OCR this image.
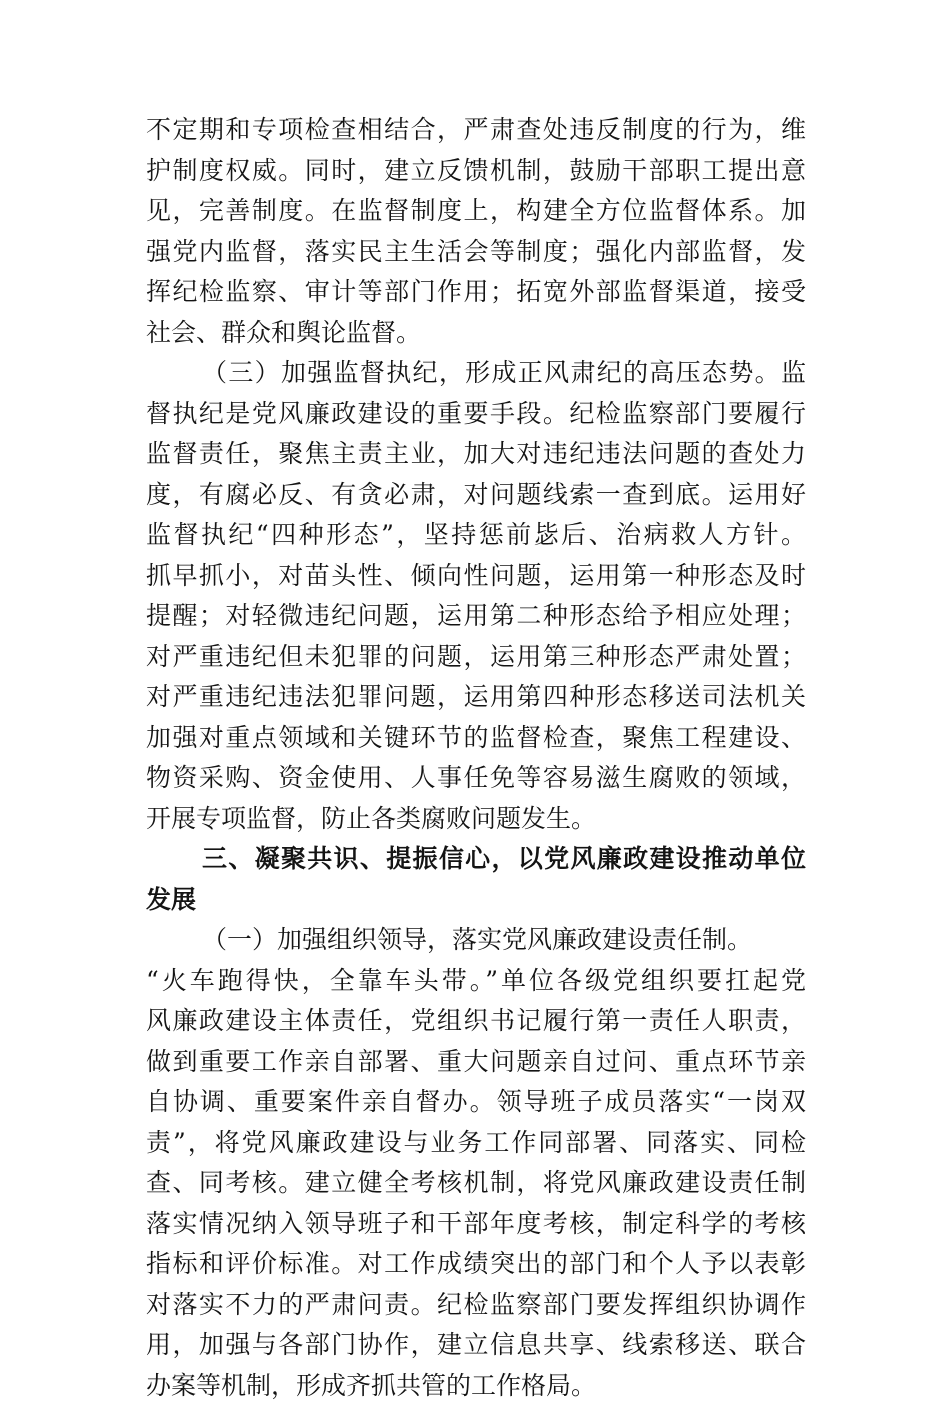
不定期和专项检查相结合，严肃查处违反制度的行为，维
护制度权威。同时，建立反馈机制，鼓励干部职工提出意
见，完善制度。在监督制度上，构建全方位监督体系。加
强党内监督，落实民主生活会等制度；强化内部监督，发
挥纪检监察、审计等部门作用；拓宽外部监督渠道，接受
社会、群众和舆论监督。
（三）加强监督执纪，形成正风肃纪的高压态势。监
督执纪是党风廉政建设的重要手段。纪检监察部门要履行
监督责任，聚焦主责主业，加大对违纪违法问题的查处力
度，有腐必反、有贪必肃，对问题线索一查到底。运用好
监督执纪“四种形态”，坚持惩前毖后、治病救人方针。
抓早抓小，对苗头性、倾向性问题，运用第一种形态及时
提醒；对轻微违纪问题，运用第二种形态给予相应处理；
对严重违纪但未犯罪的问题，运用第三种形态严肃处置；
对严重违纪违法犯罪问题，运用第四种形态移送司法机关
加强对重点领域和关键环节的监督检查，聚焦工程建设、
物资采购、资金使用、人事任免等容易滋生腐败的领域，
开展专项监督，防止各类腐败问题发生。
三、凝聚共识、提振信心，以党风廉政建设推动单位
发展
（一）加强组织领导，落实党风廉政建设责任制。
“火车跑得快，全靠车头带。”单位各级党组织要扛起党
风廉政建设主体责任，党组织书记履行第一责任人职责，
做到重要工作亲自部署、重大问题亲自过问、重点环节亲
自协调、重要案件亲自督办。领导班子成员落实“一岗双
责”，将党风廉政建设与业务工作同部署、同落实、同检
查、同考核。建立健全考核机制，将党风廉政建设责任制
落实情况纳入领导班子和干部年度考核，制定科学的考核
指标和评价标准。对工作成绩突出的部门和个人予以表彰
对落实不力的严肃问责。纪检监察部门要发挥组织协调作
用，加强与各部门协作，建立信息共享、线索移送、联合
办案等机制，形成齐抓共管的工作格局。
